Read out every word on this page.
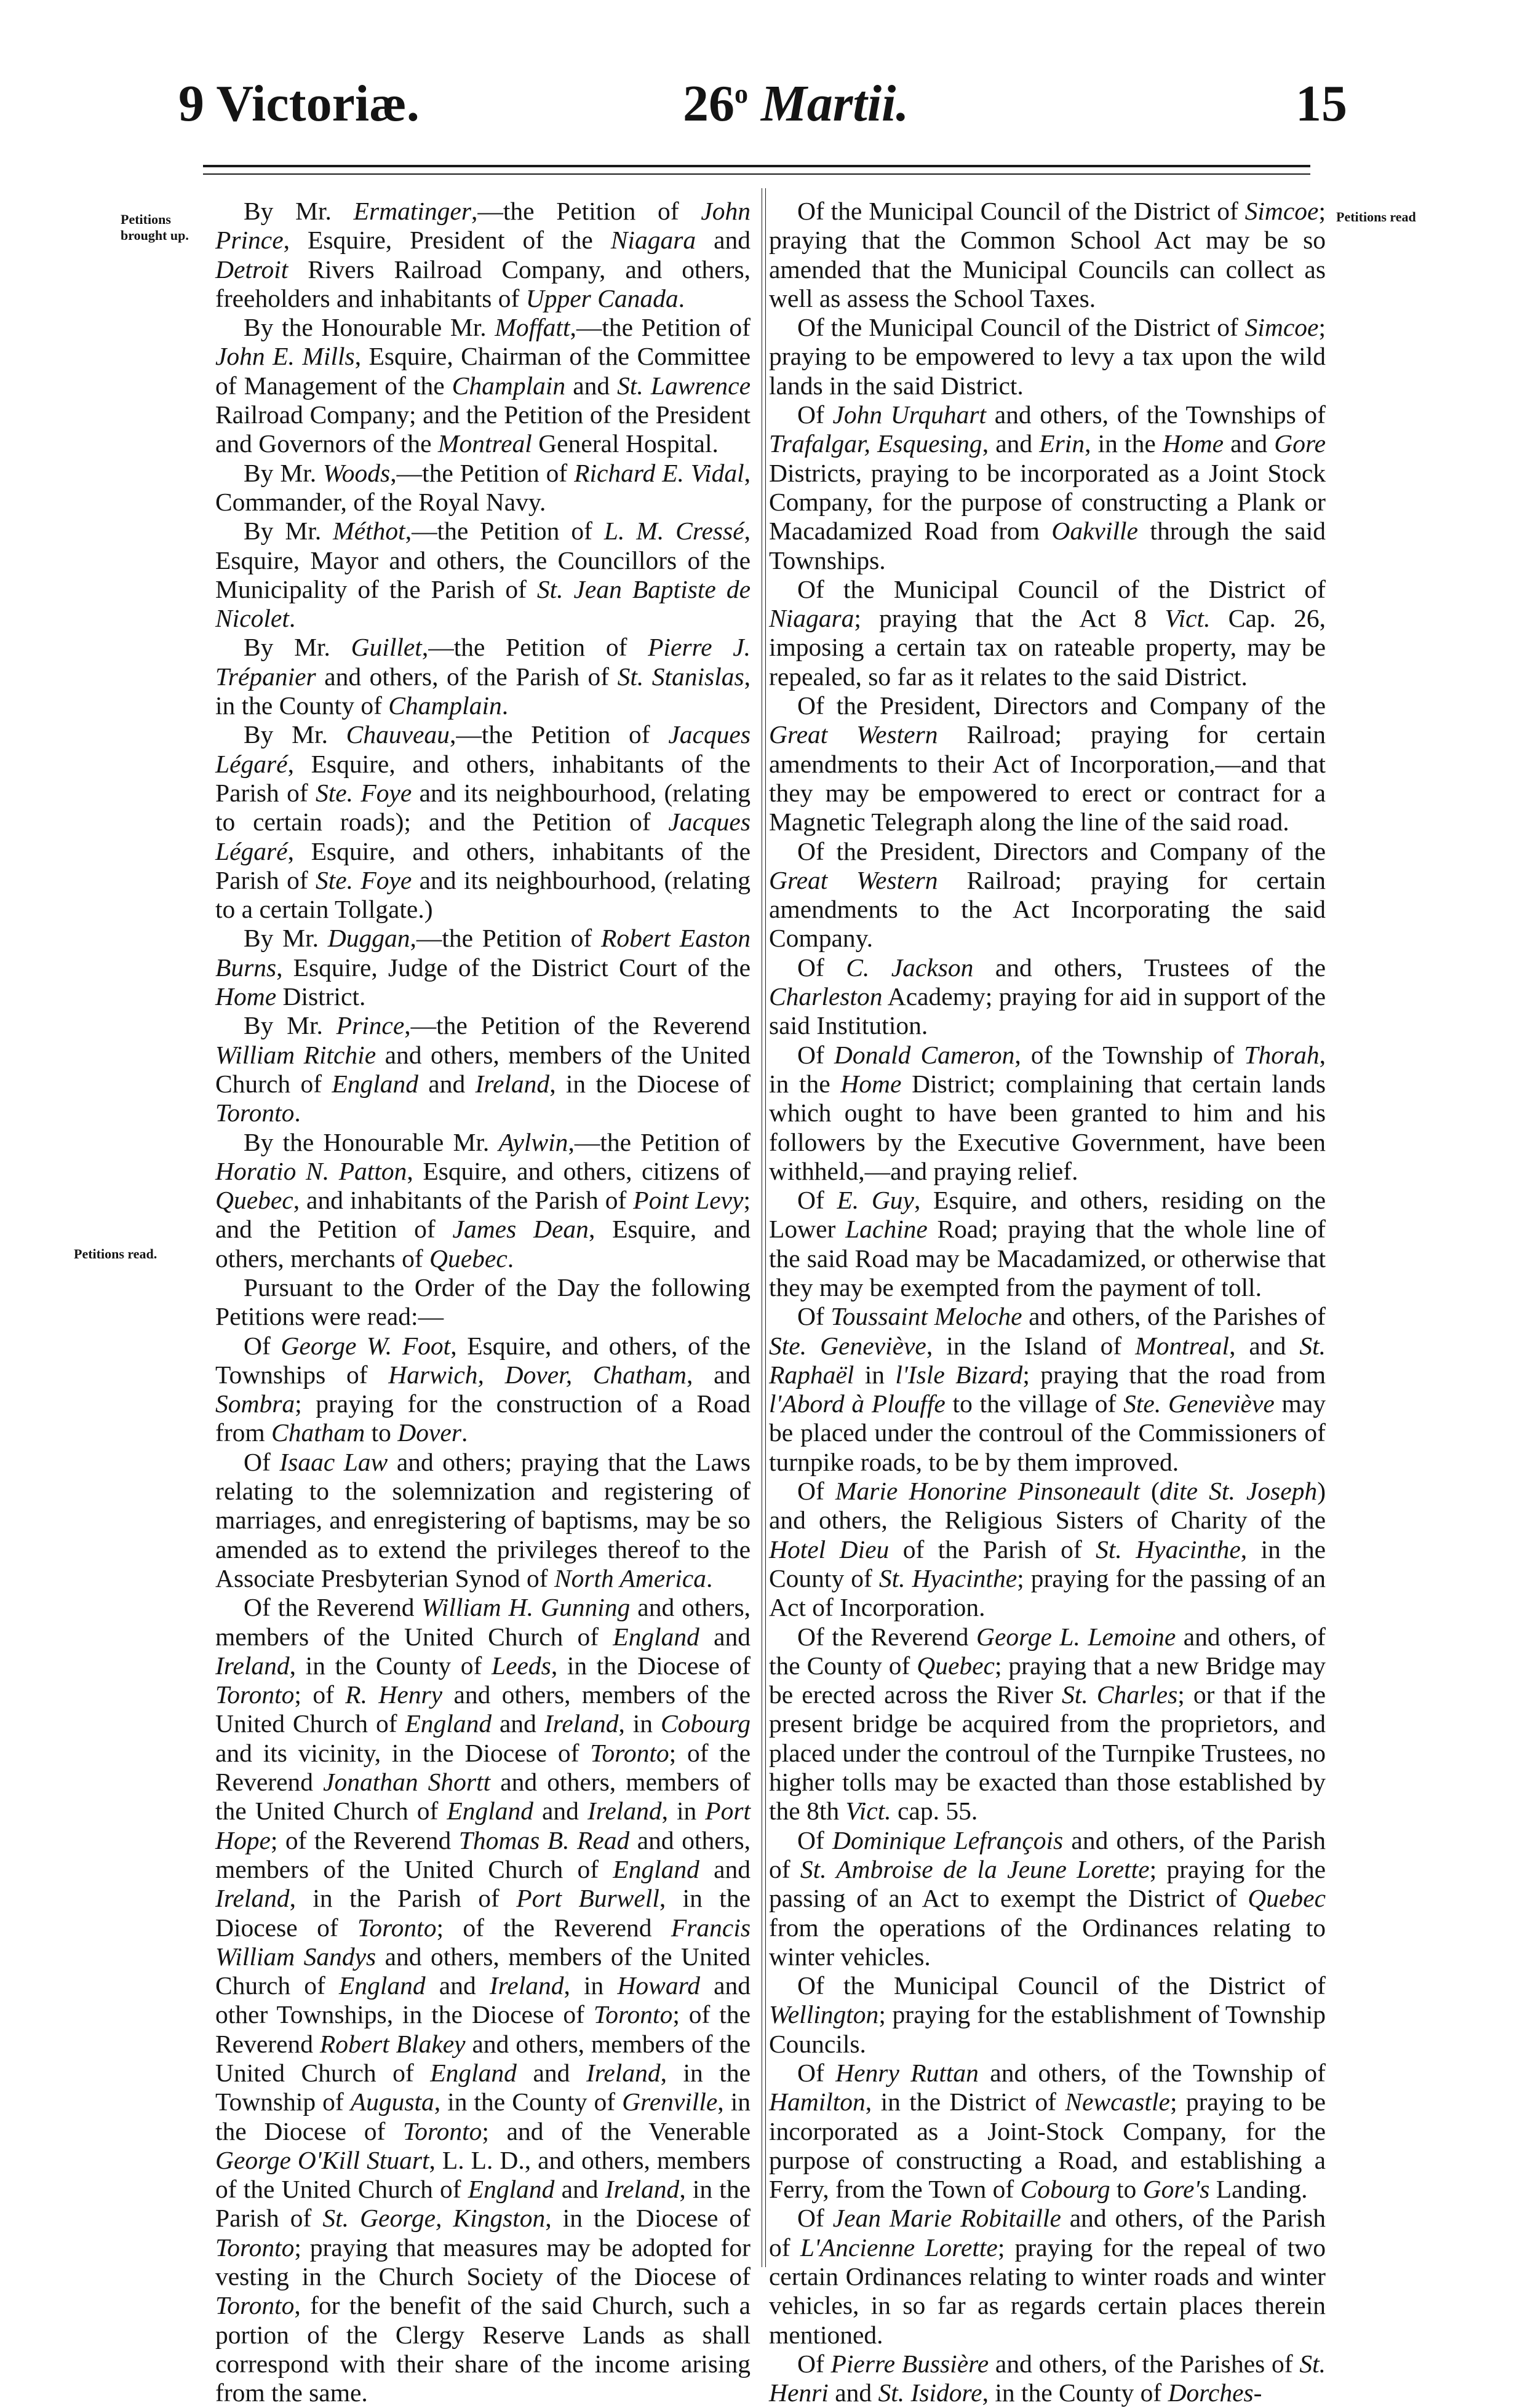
9 Victoriæ.	26$^o$ Martii.	15
Petitions
brought up.
Petitions read.
Petitions read

By Mr. Ermatinger,—the Petition of John Prince, Esquire, President of the Niagara and Detroit Rivers Railroad Company, and others, freeholders and inhabitants of Upper Canada.

By the Honourable Mr. Moffatt,—the Petition of John E. Mills, Esquire, Chairman of the Committee of Management of the Champlain and St. Lawrence Railroad Company; and the Petition of the President and Governors of the Montreal General Hospital.

By Mr. Woods,—the Petition of Richard E. Vidal, Commander, of the Royal Navy.

By Mr. Méthot,—the Petition of L. M. Cressé, Esquire, Mayor and others, the Councillors of the Municipality of the Parish of St. Jean Baptiste de Nicolet.

By Mr. Guillet,—the Petition of Pierre J. Trépanier and others, of the Parish of St. Stanislas, in the County of Champlain.

By Mr. Chauveau,—the Petition of Jacques Légaré, Esquire, and others, inhabitants of the Parish of Ste. Foye and its neighbourhood, (relating to certain roads); and the Petition of Jacques Légaré, Esquire, and others, inhabitants of the Parish of Ste. Foye and its neighbourhood, (relating to a certain Tollgate.)

By Mr. Duggan,—the Petition of Robert Easton Burns, Esquire, Judge of the District Court of the Home District.

By Mr. Prince,—the Petition of the Reverend William Ritchie and others, members of the United Church of England and Ireland, in the Diocese of Toronto.

By the Honourable Mr. Aylwin,—the Petition of Horatio N. Patton, Esquire, and others, citizens of Quebec, and inhabitants of the Parish of Point Levy; and the Petition of James Dean, Esquire, and others, merchants of Quebec.

Pursuant to the Order of the Day the following Petitions were read:—

Of George W. Foot, Esquire, and others, of the Townships of Harwich, Dover, Chatham, and Sombra; praying for the construction of a Road from Chatham to Dover.

Of Isaac Law and others; praying that the Laws relating to the solemnization and registering of marriages, and enregistering of baptisms, may be so amended as to extend the privileges thereof to the Associate Presbyterian Synod of North America.

Of the Reverend William H. Gunning and others, members of the United Church of England and Ireland, in the County of Leeds, in the Diocese of Toronto; of R. Henry and others, members of the United Church of England and Ireland, in Cobourg and its vicinity, in the Diocese of Toronto; of the Reverend Jonathan Shortt and others, members of the United Church of England and Ireland, in Port Hope; of the Reverend Thomas B. Read and others, members of the United Church of England and Ireland, in the Parish of Port Burwell, in the Diocese of Toronto; of the Reverend Francis William Sandys and others, members of the United Church of England and Ireland, in Howard and other Townships, in the Diocese of Toronto; of the Reverend Robert Blakey and others, members of the United Church of England and Ireland, in the Township of Augusta, in the County of Grenville, in the Diocese of Toronto; and of the Venerable George O'Kill Stuart, L. L. D., and others, members of the United Church of England and Ireland, in the Parish of St. George, Kingston, in the Diocese of Toronto; praying that measures may be adopted for vesting in the Church Society of the Diocese of Toronto, for the benefit of the said Church, such a portion of the Clergy Reserve Lands as shall correspond with their share of the income arising from the same.

Of the Municipal Council of the District of Simcoe; praying that the Common School Act may be so amended that the Municipal Councils can collect as well as assess the School Taxes.

Of the Municipal Council of the District of Simcoe; praying to be empowered to levy a tax upon the wild lands in the said District.

Of John Urquhart and others, of the Townships of Trafalgar, Esquesing, and Erin, in the Home and Gore Districts, praying to be incorporated as a Joint Stock Company, for the purpose of constructing a Plank or Macadamized Road from Oakville through the said Townships.

Of the Municipal Council of the District of Niagara; praying that the Act 8 Vict. Cap. 26, imposing a certain tax on rateable property, may be repealed, so far as it relates to the said District.

Of the President, Directors and Company of the Great Western Railroad; praying for certain amendments to their Act of Incorporation,—and that they may be empowered to erect or contract for a Magnetic Telegraph along the line of the said road.

Of the President, Directors and Company of the Great Western Railroad; praying for certain amendments to the Act Incorporating the said Company.

Of C. Jackson and others, Trustees of the Charleston Academy; praying for aid in support of the said Institution.

Of Donald Cameron, of the Township of Thorah, in the Home District; complaining that certain lands which ought to have been granted to him and his followers by the Executive Government, have been withheld,—and praying relief.

Of E. Guy, Esquire, and others, residing on the Lower Lachine Road; praying that the whole line of the said Road may be Macadamized, or otherwise that they may be exempted from the payment of toll.

Of Toussaint Meloche and others, of the Parishes of Ste. Geneviève, in the Island of Montreal, and St. Raphaël in l'Isle Bizard; praying that the road from l'Abord à Plouffe to the village of Ste. Geneviève may be placed under the controul of the Commissioners of turnpike roads, to be by them improved.

Of Marie Honorine Pinsoneault (dite St. Joseph) and others, the Religious Sisters of Charity of the Hotel Dieu of the Parish of St. Hyacinthe, in the County of St. Hyacinthe; praying for the passing of an Act of Incorporation.

Of the Reverend George L. Lemoine and others, of the County of Quebec; praying that a new Bridge may be erected across the River St. Charles; or that if the present bridge be acquired from the proprietors, and placed under the controul of the Turnpike Trustees, no higher tolls may be exacted than those established by the 8th Vict. cap. 55.

Of Dominique Lefrançois and others, of the Parish of St. Ambroise de la Jeune Lorette; praying for the passing of an Act to exempt the District of Quebec from the operations of the Ordinances relating to winter vehicles.

Of the Municipal Council of the District of Wellington; praying for the establishment of Township Councils.

Of Henry Ruttan and others, of the Township of Hamilton, in the District of Newcastle; praying to be incorporated as a Joint-Stock Company, for the purpose of constructing a Road, and establishing a Ferry, from the Town of Cobourg to Gore's Landing.

Of Jean Marie Robitaille and others, of the Parish of L'Ancienne Lorette; praying for the repeal of two certain Ordinances relating to winter roads and winter vehicles, in so far as regards certain places therein mentioned.

Of Pierre Bussière and others, of the Parishes of St. Henri and St. Isidore, in the County of Dorches-
